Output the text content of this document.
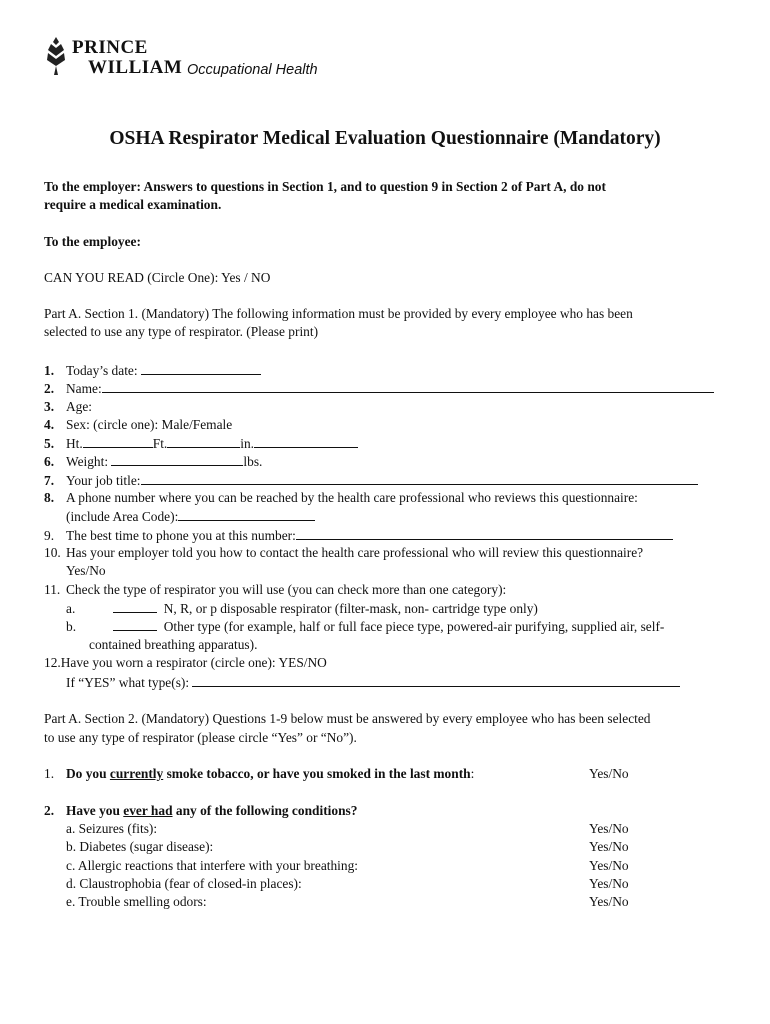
PRINCE
WILLIAM Occupational Health
OSHA Respirator Medical Evaluation Questionnaire (Mandatory)
To the employer: Answers to questions in Section 1, and to question 9 in Section 2 of Part A, do not
require a medical examination.
To the employee:
CAN YOU READ (Circle One): Yes / NO
Part A. Section 1. (Mandatory) The following information must be provided by every employee who has been
selected to use any type of respirator. (Please print)
1. Today’s date:
2. Name:
3. Age:
4. Sex: (circle one): Male/Female
5. Ht.	Ft.	in.
6. Weight:	lbs.
7. Your job title:
8. A phone number where you can be reached by the health care professional who reviews this questionnaire:
(include Area Code):
9. The best time to phone you at this number:
10. Has your employer told you how to contact the health care professional who will review this questionnaire?
Yes/No
11. Check the type of respirator you will use (you can check more than one category):
a.	N, R, or p disposable respirator (filter-mask, non- cartridge type only)
b.	Other type (for example, half or full face piece type, powered-air purifying, supplied air, self-
contained breathing apparatus).
12.Have you worn a respirator (circle one): YES/NO
If “YES” what type(s):
Part A. Section 2. (Mandatory) Questions 1-9 below must be answered by every employee who has been selected
to use any type of respirator (please circle “Yes” or “No”).
1. Do you currently smoke tobacco, or have you smoked in the last month:	Yes/No
2. Have you ever had any of the following conditions?
a. Seizures (fits):	Yes/No
b. Diabetes (sugar disease):	Yes/No
c. Allergic reactions that interfere with your breathing:	Yes/No
d. Claustrophobia (fear of closed-in places):	Yes/No
e. Trouble smelling odors:	Yes/No
